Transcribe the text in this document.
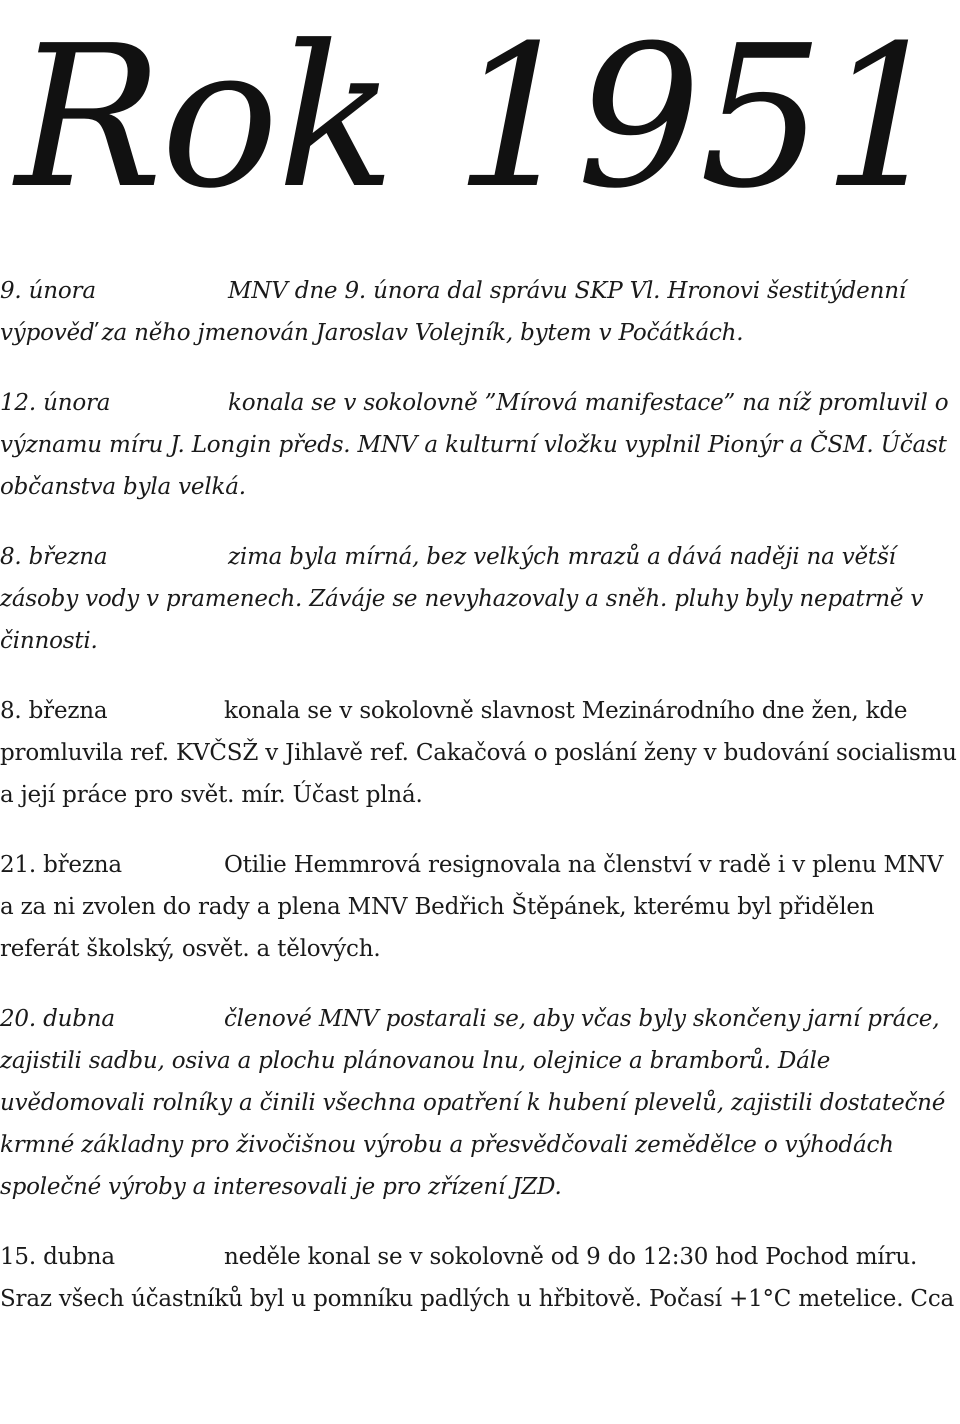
Rok 1951
9. února	MNV dne 9. února dal správu SKP Vl. Hronovi šestitýdenní výpověď za něho jmenován Jaroslav Volejník, bytem v Počátkách.
12. února	konala se v sokolovně ”Mírová manifestace” na níž promluvil o významu míru J. Longin předs. MNV a kulturní vložku vyplnil Pionýr a ČSM. Účast občanstva byla velká.
8. března	zima byla mírná, bez velkých mrazů a dává naději na větší zásoby vody v pramenech. Záváje se nevyhazovaly a sněh. pluhy byly nepatrně v činnosti.
8. března	konala se v sokolovně slavnost Mezinárodního dne žen, kde promluvila ref. KVČSŽ v Jihlavě ref. Cakačová o poslání ženy v budování socialismu a její práce pro svět. mír. Účast plná.
21. března	Otilie Hemmrová resignovala na členství v radě i v plenu MNV a za ni zvolen do rady a plena MNV Bedřich Štěpánek, kterému byl přidělen referát školský, osvět. a tělových.
20. dubna	členové MNV postarali se, aby včas byly skončeny jarní práce, zajistili sadbu, osiva a plochu plánovanou lnu, olejnice a bramborů. Dále uvědomovali rolníky a činili všechna opatření k hubení plevelů, zajistili dostatečné krmné základny pro živočišnou výrobu a přesvědčovali zemědělce o výhodách společné výroby a interesovali je pro zřízení JZD.
15. dubna	neděle konal se v sokolovně od 9 do 12:30 hod Pochod míru. Sraz všech účastníků byl u pomníku padlých u hřbitově. Počasí +1°C metelice. Cca
